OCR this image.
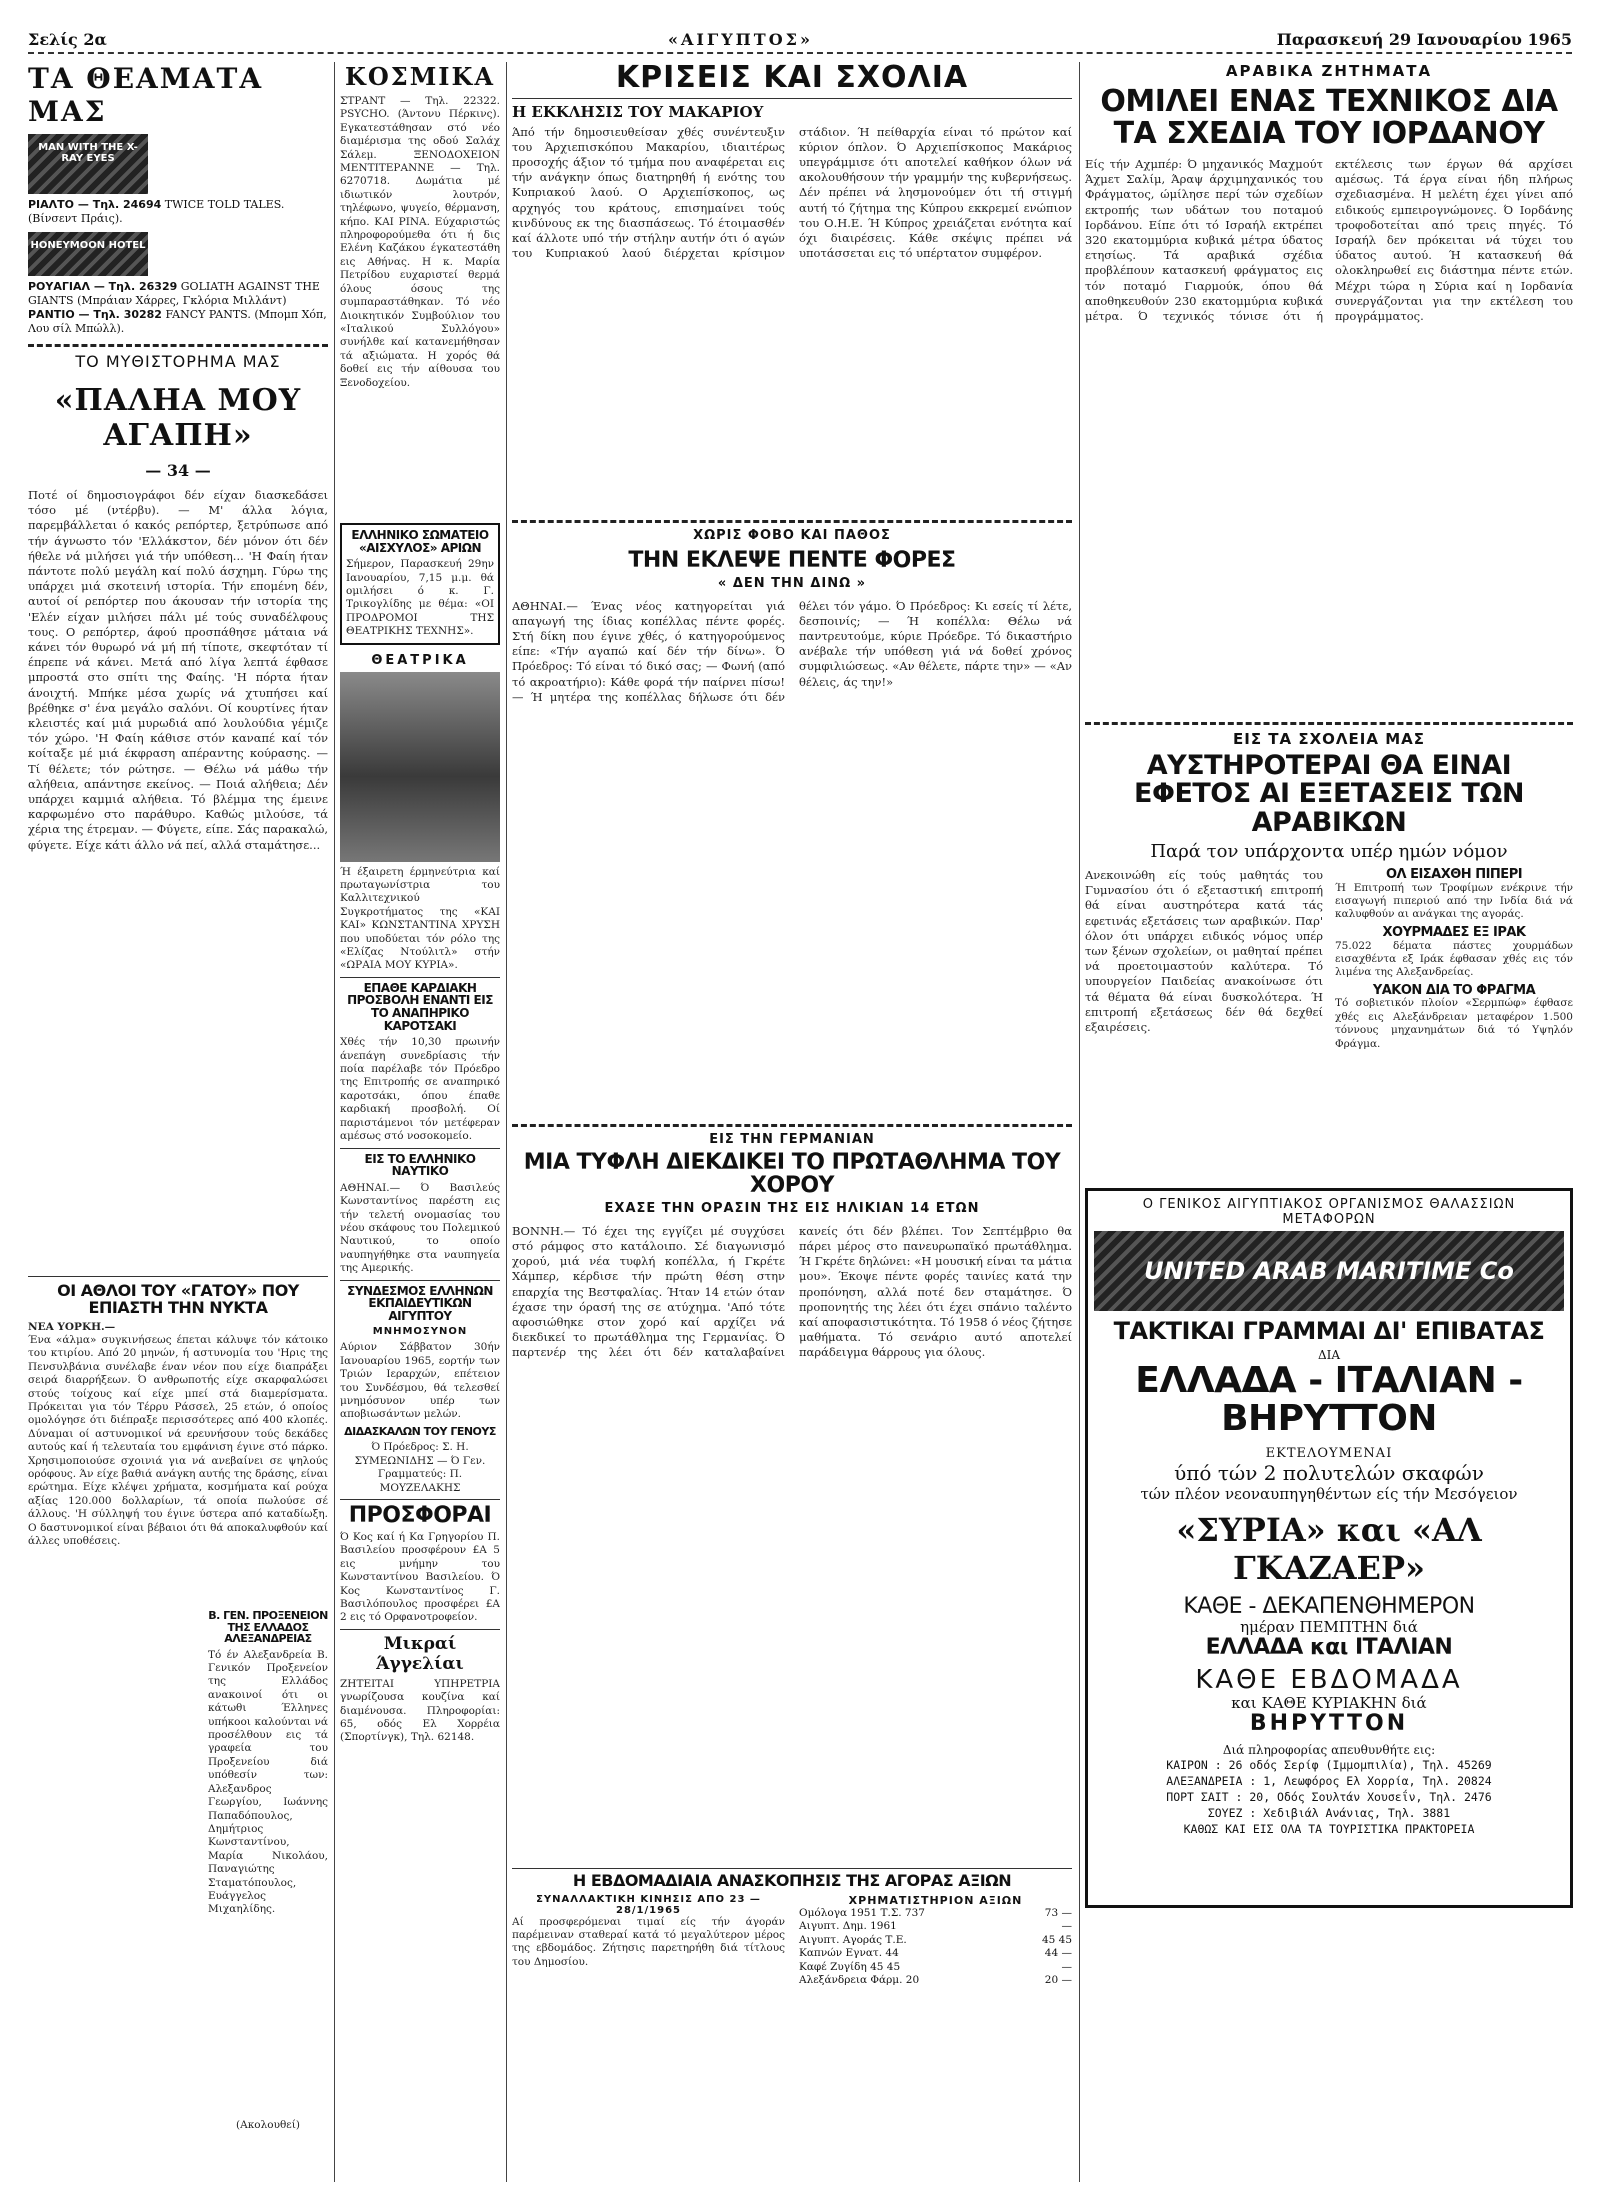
Σελίς 2α	«ΑΙΓΥΠΤΟΣ»	Παρασκευή 29 Ιανουαρίου 1965
ΤΑ ΘΕΑΜΑΤΑ ΜΑΣ
MAN WITH THE X-RAY EYES
ΡΙΑΛΤΟ — Τηλ. 24694 TWICE TOLD TALES. (Βίνσεντ Πράις).
HONEYMOON HOTEL
ΡΟΥΑΓΙΑΛ — Τηλ. 26329 GOLIATH AGAINST THE GIANTS (Μπράιαν Χάρρες, Γκλόρια Μιλλάντ)
ΡΑΝΤΙΟ — Τηλ. 30282 FANCY PANTS. (Μπομπ Χόπ, Λου σίλ Μπώλλ).
ΤΟ ΜΥΘΙΣΤΟΡΗΜΑ ΜΑΣ
«ΠΑΛΗΑ ΜΟΥ ΑΓΑΠΗ»
— 34 —
Ποτέ οί δημοσιογράφοι δέν είχαν διασκεδάσει τόσο μέ (ντέρβυ). — Μ' άλλα λόγια, παρεμβάλλεται ό κακός ρεπόρτερ, ξετρύπωσε από τήν άγνωστο τόν 'Ελλάκστον, δέν μόνον ότι δέν ήθελε νά μιλήσει γιά τήν υπόθεση... 'Η Φαίη ήταν πάντοτε πολύ μεγάλη καί πολύ άσχημη. Γύρω της υπάρχει μιά σκοτεινή ιστορία. Τήν επομένη δέν, αυτοί οί ρεπόρτερ που άκουσαν τήν ιστορία της 'Ελέν είχαν μιλήσει πάλι μέ τούς συναδέλφους τους. Ο ρεπόρτερ, άφού προσπάθησε μάταια νά κάνει τόν θυρωρό νά μή πή τίποτε, σκεφτόταν τί έπρεπε νά κάνει. Μετά από λίγα λεπτά έφθασε μπροστά στο σπίτι της Φαίης. 'Η πόρτα ήταν άνοιχτή. Μπήκε μέσα χωρίς νά χτυπήσει καί βρέθηκε σ' ένα μεγάλο σαλόνι. Οί κουρτίνες ήταν κλειστές καί μιά μυρωδιά από λουλούδια γέμιζε τόν χώρο. 'Η Φαίη κάθισε στόν καναπέ καί τόν κοίταξε μέ μιά έκφραση απέραντης κούρασης. — Τί θέλετε; τόν ρώτησε. — Θέλω νά μάθω τήν αλήθεια, απάντησε εκείνος. — Ποιά αλήθεια; Δέν υπάρχει καμμιά αλήθεια. Τό βλέμμα της έμεινε καρφωμένο στο παράθυρο. Καθώς μιλούσε, τά χέρια της έτρεμαν. — Φύγετε, είπε. Σάς παρακαλώ, φύγετε. Είχε κάτι άλλο νά πεί, αλλά σταμάτησε...
ΟΙ ΑΘΛΟΙ ΤΟΥ «ΓΑΤΟΥ» ΠΟΥ ΕΠΙΑΣΤΗ ΤΗΝ ΝΥΚΤΑ
ΝΕΑ ΥΟΡΚΗ.—
Ένα «άλμα» συγκινήσεως έπεται κάλυψε τόν κάτοικο του κτιρίου. Από 20 μηνών, ή αστυνομία του 'Ηρις της Πενσυλβάνια συνέλαβε έναν νέον που είχε διαπράξει σειρά διαρρήξεων. Ό ανθρωποτής είχε σκαρφαλώσει στούς τοίχους καί είχε μπεί στά διαμερίσματα. Πρόκειται για τόν Τέρρυ Ράσσελ, 25 ετών, ό οποίος ομολόγησε ότι διέπραξε περισσότερες από 400 κλοπές. Δύναμαι οί αστυνομικοί νά ερευνήσουν τούς δεκάδες αυτούς καί ή τελευταία του εμφάνιση έγινε στό πάρκο. Χρησιμοποιούσε σχοινιά για νά ανεβαίνει σε ψηλούς ορόφους. Άν είχε βαθιά ανάγκη αυτής της δράσης, είναι ερώτημα. Είχε κλέψει χρήματα, κοσμήματα καί ρούχα αξίας 120.000 δολλαρίων, τά οποία πωλούσε σέ άλλους. 'Η σύλληψή του έγινε ύστερα από καταδίωξη. Ο δαστυνομικοί είναι βέβαιοι ότι θά αποκαλυφθούν καί άλλες υποθέσεις.
ΚΟΣΜΙΚΑ
ΣΤΡΑΝΤ — Τηλ. 22322. PSYCHO. (Άντονυ Πέρκινς). Εγκατεστάθησαν στό νέο διαμέρισμα της οδού Σαλάχ Σάλεμ. ΞΕΝΟΔΟΧΕΙΟΝ ΜΕΝΤΙΤΕΡΑΝΝΕ — Τηλ. 6270718. Δωμάτια μέ ιδιωτικόν λουτρόν, τηλέφωνο, ψυγείο, θέρμανση, κήπο. ΚΑΙ ΡΙΝΑ. Εύχαριστώς πληροφορούμεθα ότι ή δις Ελένη Καζάκου έγκατεστάθη εις Αθήνας. Η κ. Μαρία Πετρίδου ευχαριστεί θερμά όλους όσους της συμπαραστάθηκαν. Τό νέο Διοικητικόν Συμβούλιον του «Ιταλικού Συλλόγου» συνήλθε καί κατανεμήθησαν τά αξιώματα. Η χορός θά δοθεί εις τήν αίθουσα του Ξενοδοχείου.
ΕΛΛΗΝΙΚΟ ΣΩΜΑΤΕΙΟ «ΑΙΣΧΥΛΟΣ» ΑΡΙΩΝ
Σήμερον, Παρασκευή 29ην Ιανουαρίου, 7,15 μ.μ. θά ομιλήσει ό κ. Γ. Τρικογλίδης με θέμα: «ΟΙ ΠΡΟΔΡΟΜΟΙ ΤΗΣ ΘΕΑΤΡΙΚΗΣ ΤΕΧΝΗΣ».
ΘΕΑΤΡΙΚΑ
Ή έξαιρετη έρμηνεύτρια καί πρωταγωνίστρια του Καλλιτεχνικού Συγκροτήματος της «ΚΑΙ ΚΑΙ» ΚΩΝΣΤΑΝΤΙΝΑ ΧΡΥΣΗ που υποδύεται τόν ρόλο της «Ελίζας Ντούλιτλ» στήν «ΩΡΑΙΑ ΜΟΥ ΚΥΡΙΑ».
ΕΠΑΘΕ ΚΑΡΔΙΑΚΗ ΠΡΟΣΒΟΛΗ ΕΝΑΝΤΙ ΕΙΣ ΤΟ ΑΝΑΠΗΡΙΚΟ ΚΑΡΟΤΣΑΚΙ
Χθές τήν 10,30 πρωινήν άνεπάγη συνεδρίασις τήν ποία παρέλαβε τόν Πρόεδρο της Επιτροπής σε αναπηρικό καροτσάκι, όπου έπαθε καρδιακή προσβολή. Οί παριστάμενοι τόν μετέφεραν αμέσως στό νοσοκομείο.
ΕΙΣ ΤΟ ΕΛΛΗΝΙΚΟ ΝΑΥΤΙΚΟ
ΑΘΗΝΑΙ.— Ό Βασιλεύς Κωνσταντίνος παρέστη εις τήν τελετή ονομασίας του νέου σκάφους του Πολεμικού Ναυτικού, το οποίο ναυπηγήθηκε στα ναυπηγεία της Αμερικής.
ΣΥΝΔΕΣΜΟΣ ΕΛΛΗΝΩΝ ΕΚΠΑΙΔΕΥΤΙΚΩΝ ΑΙΓΥΠΤΟΥ
ΜΝΗΜΟΣΥΝΟΝ
Αύριον Σάββατον 30ήν Ιανουαρίου 1965, εορτήν των Τριών Ιεραρχών, επέτειον του Συνδέσμου, θά τελεσθεί μνημόσυνον υπέρ των αποβιωσάντων μελών.
ΔΙΔΑΣΚΑΛΩΝ ΤΟΥ ΓΕΝΟΥΣ
Ό Πρόεδρος: Σ. Η. ΣΥΜΕΩΝΙΔΗΣ — Ό Γεν. Γραμματεύς: Π. ΜΟΥΖΕΛΑΚΗΣ
ΠΡΟΣΦΟΡΑΙ
Ό Κος καί ή Κα Γρηγορίου Π. Βασιλείου προσφέρουν £Α 5 εις μνήμην του Κωνσταντίνου Βασιλείου. Ό Κος Κωνσταντίνος Γ. Βασιλόπουλος προσφέρει £Α 2 εις τό Ορφανοτροφείον.
Μικραί Άγγελίαι
ΖΗΤΕΙΤΑΙ ΥΠΗΡΕΤΡΙΑ γνωρίζουσα κουζίνα καί διαμένουσα. Πληροφορίαι: 65, οδός Ελ Χορρέια (Σπορτίνγκ), Τηλ. 62148.
Β. ΓΕΝ. ΠΡΟΞΕΝΕΙΟΝ ΤΗΣ ΕΛΛΑΔΟΣ ΑΛΕΞΑΝΔΡΕΙΑΣ
Τό έν Αλεξανδρεία Β. Γενικόν Προξενείον της Ελλάδος ανακοινοί ότι οι κάτωθι Έλληνες υπήκοοι καλούνται νά προσέλθουν εις τά γραφεία του Προξενείου διά υπόθεσίν των: Αλεξανδρος Γεωργίου, Ιωάννης Παπαδόπουλος, Δημήτριος Κωνσταντίνου, Μαρία Νικολάου, Παναγιώτης Σταματόπουλος, Ευάγγελος Μιχαηλίδης.
(Ακολουθεί)
ΚΡΙΣΕΙΣ ΚΑΙ ΣΧΟΛΙΑ
Η ΕΚΚΛΗΣΙΣ ΤΟΥ ΜΑΚΑΡΙΟΥ
Άπό τήν δημοσιευθείσαν χθές συνέντευξιν του Άρχιεπισκόπου Μακαρίου, ιδιαιτέρως προσοχής άξιον τό τμήμα που αναφέρεται εις τήν ανάγκην όπως διατηρηθή ή ενότης του Κυπριακού λαού. Ο Αρχιεπίσκοπος, ως αρχηγός του κράτους, επισημαίνει τούς κινδύνους εκ της διασπάσεως. Τό έτοιμασθέν καί άλλοτε υπό τήν στήλην αυτήν ότι ό αγών του Κυπριακού λαού διέρχεται κρίσιμον στάδιον. Ή πείθαρχία είναι τό πρώτον καί κύριον όπλον. Ό Αρχιεπίσκοπος Μακάριος υπεγράμμισε ότι αποτελεί καθήκον όλων νά ακολουθήσουν τήν γραμμήν της κυβερνήσεως. Δέν πρέπει νά λησμονούμεν ότι τή στιγμή αυτή τό ζήτημα της Κύπρου εκκρεμεί ενώπιον του Ο.Η.Ε. Ή Κύπρος χρειάζεται ενότητα καί όχι διαιρέσεις. Κάθε σκέψις πρέπει νά υποτάσσεται εις τό υπέρτατον συμφέρον.
ΧΩΡΙΣ ΦΟΒΟ ΚΑΙ ΠΑΘΟΣ
ΤΗΝ ΕΚΛΕΨΕ ΠΕΝΤΕ ΦΟΡΕΣ
« ΔΕΝ ΤΗΝ ΔΙΝΩ »
ΑΘΗΝΑΙ.— Ένας νέος κατηγορείται γιά απαγωγή της ίδιας κοπέλλας πέντε φορές. Στή δίκη που έγινε χθές, ό κατηγορούμενος είπε: «Τήν αγαπώ καί δέν τήν δίνω». Ό Πρόεδρος: Τό είναι τό δικό σας; — Φωνή (από τό ακροατήριο): Κάθε φορά τήν παίρνει πίσω! — Ή μητέρα της κοπέλλας δήλωσε ότι δέν θέλει τόν γάμο. Ό Πρόεδρος: Κι εσείς τί λέτε, δεσποινίς; — Ή κοπέλλα: Θέλω νά παντρευτούμε, κύριε Πρόεδρε. Τό δικαστήριο ανέβαλε τήν υπόθεση γιά νά δοθεί χρόνος συμφιλιώσεως. «Αν θέλετε, πάρτε την» — «Αν θέλεις, άς την!»
ΕΙΣ ΤΗΝ ΓΕΡΜΑΝΙΑΝ
ΜΙΑ ΤΥΦΛΗ ΔΙΕΚΔΙΚΕΙ ΤΟ ΠΡΩΤΑΘΛΗΜΑ ΤΟΥ ΧΟΡΟΥ
ΕΧΑΣΕ ΤΗΝ ΟΡΑΣΙΝ ΤΗΣ ΕΙΣ ΗΛΙΚΙΑΝ 14 ΕΤΩΝ
ΒΟΝΝΗ.— Τό έχει της εγγίζει μέ συγχύσει στό ράμφος στο κατάλοιπο. Σέ διαγωνισμό χορού, μιά νέα τυφλή κοπέλλα, ή Γκρέτε Χάμπερ, κέρδισε τήν πρώτη θέση στην επαρχία της Βεστφαλίας. Ήταν 14 ετών όταν έχασε την όρασή της σε ατύχημα. 'Από τότε αφοσιώθηκε στον χορό καί αρχίζει νά διεκδικεί το πρωτάθλημα της Γερμανίας. Ό παρτενέρ της λέει ότι δέν καταλαβαίνει κανείς ότι δέν βλέπει. Τον Σεπτέμβριο θα πάρει μέρος στο πανευρωπαϊκό πρωτάθλημα. Ή Γκρέτε δηλώνει: «Η μουσική είναι τα μάτια μου». Έκοψε πέντε φορές ταινίες κατά την προπόνηση, αλλά ποτέ δεν σταμάτησε. Ό προπονητής της λέει ότι έχει σπάνιο ταλέντο καί αποφασιστικότητα. Τό 1958 ό νέος ζήτησε μαθήματα. Τό σενάριο αυτό αποτελεί παράδειγμα θάρρους για όλους.
Η ΕΒΔΟΜΑΔΙΑΙΑ ΑΝΑΣΚΟΠΗΣΙΣ ΤΗΣ ΑΓΟΡΑΣ ΑΞΙΩΝ
ΣΥΝΑΛΛΑΚΤΙΚΗ ΚΙΝΗΣΙΣ ΑΠΟ 23 — 28/1/1965
Αί προσφερόμεναι τιμαί είς τήν άγοράν παρέμειναν σταθεραί κατά τό μεγαλύτερον μέρος της εβδομάδος. Ζήτησις παρετηρήθη διά τίτλους του Δημοσίου.
ΧΡΗΜΑΤΙΣΤΗΡΙΟΝ ΑΞΙΩΝ
Ομόλογα 1951 Τ.Σ. 737	73 —
Αιγυπτ. Δημ. 1961	—
Αιγυπτ. Αγοράς Τ.Ε.	45 45
Καπνών Εγνατ. 44	44 —
Καφέ Ζυγίδη 45 45	—
Αλεξάνδρεια Φάρμ. 20	20 —
ΑΡΑΒΙΚΑ ΖΗΤΗΜΑΤΑ
ΟΜΙΛΕΙ ΕΝΑΣ ΤΕΧΝΙΚΟΣ ΔΙΑ ΤΑ ΣΧΕΔΙΑ ΤΟΥ ΙΟΡΔΑΝΟΥ
Είς τήν Αχμπέρ: Ό μηχανικός Μαχμούτ Άχμετ Σαλίμ, Άραψ άρχιμηχανικός του Φράγματος, ώμίλησε περί τών σχεδίων εκτροπής των υδάτων του ποταμού Ιορδάνου. Είπε ότι τό Ισραήλ εκτρέπει 320 εκατομμύρια κυβικά μέτρα ύδατος ετησίως. Τά αραβικά σχέδια προβλέπουν κατασκευή φράγματος εις τόν ποταμό Γιαρμούκ, όπου θά αποθηκευθούν 230 εκατομμύρια κυβικά μέτρα. Ό τεχνικός τόνισε ότι ή εκτέλεσις των έργων θά αρχίσει αμέσως. Τά έργα είναι ήδη πλήρως σχεδιασμένα. Η μελέτη έχει γίνει από ειδικούς εμπειρογνώμονες. Ό Ιορδάνης τροφοδοτείται από τρεις πηγές. Τό Ισραήλ δεν πρόκειται νά τύχει του ύδατος αυτού. Ή κατασκευή θά ολοκληρωθεί εις διάστημα πέντε ετών. Μέχρι τώρα η Σύρια καί η Ιορδανία συνεργάζονται για την εκτέλεση του προγράμματος.
ΕΙΣ ΤΑ ΣΧΟΛΕΙΑ ΜΑΣ
ΑΥΣΤΗΡΟΤΕΡΑΙ ΘΑ ΕΙΝΑΙ ΕΦΕΤΟΣ ΑΙ ΕΞΕΤΑΣΕΙΣ ΤΩΝ ΑΡΑΒΙΚΩΝ
Παρά τον υπάρχοντα υπέρ ημών νόμον
Ανεκοινώθη είς τούς μαθητάς του Γυμνασίου ότι ό εξεταστική επιτροπή θά είναι αυστηρότερα κατά τάς εφετινάς εξετάσεις των αραβικών. Παρ' όλον ότι υπάρχει ειδικός νόμος υπέρ των ξένων σχολείων, οι μαθηταί πρέπει νά προετοιμαστούν καλύτερα. Τό υπουργείον Παιδείας ανακοίνωσε ότι τά θέματα θά είναι δυσκολότερα. Ή επιτροπή εξετάσεως δέν θά δεχθεί εξαιρέσεις.
ΟΛ ΕΙΣΑΧΘΗ ΠΙΠΕΡΙ
Ή Επιτροπή των Τροφίμων ενέκρινε τήν εισαγωγή πιπεριού από την Ινδία διά νά καλυφθούν αι ανάγκαι της αγοράς.
ΧΟΥΡΜΑΔΕΣ ΕΞ ΙΡΑΚ
75.022 δέματα πάστες χουρμάδων εισαχθέντα εξ Ιράκ έφθασαν χθές εις τόν λιμένα της Αλεξανδρείας.
ΥΑΚΟΝ ΔΙΑ ΤΟ ΦΡΑΓΜΑ
Τό σοβιετικόν πλοίον «Σερμπώφ» έφθασε χθές εις Αλεξάνδρειαν μεταφέρον 1.500 τόννους μηχανημάτων διά τό Υψηλόν Φράγμα.
Ο ΓΕΝΙΚΟΣ ΑΙΓΥΠΤΙΑΚΟΣ ΟΡΓΑΝΙΣΜΟΣ ΘΑΛΑΣΣΙΩΝ ΜΕΤΑΦΟΡΩΝ
UNITED ARAB MARITIME Co
ΤΑΚΤΙΚΑΙ ΓΡΑΜΜΑΙ ΔΙ' ΕΠΙΒΑΤΑΣ
ΔΙΑ
ΕΛΛΑΔΑ - ΙΤΑΛΙΑΝ - ΒΗΡΥΤΤΟΝ
ΕΚΤΕΛΟΥΜΕΝΑΙ
ύπό τών 2 πολυτελών σκαφών
τών πλέον νεοναυπηγηθέντων είς τήν Μεσόγειον
«ΣΥΡΙΑ» και «ΑΛ ΓΚΑΖΑΕΡ»
ΚΑΘΕ - ΔΕΚΑΠΕΝΘΗΜΕΡΟΝ
ημέραν ΠΕΜΠΤΗΝ διά
ΕΛΛΑΔΑ και ΙΤΑΛΙΑΝ
ΚΑΘΕ ΕΒΔΟΜΑΔΑ
και ΚΑΘΕ ΚΥΡΙΑΚΗΝ διά
ΒΗΡΥΤΤΟΝ
Διά πληροφορίας απευθυνθήτε εις:
ΚΑΙΡΟΝ : 26 οδός Σερίφ (Ιμμομπιλία), Τηλ. 45269
ΑΛΕΞΑΝΔΡΕΙΑ : 1, Λεωφόρος Ελ Χορρία, Τηλ. 20824
ΠΟΡΤ ΣΑΙΤ : 20, Οδός Σουλτάν Χουσεΐν, Τηλ. 2476
ΣΟΥΕΖ : Χεδιβιάλ Ανάνιας, Τηλ. 3881
ΚΑΘΩΣ ΚΑΙ ΕΙΣ ΟΛΑ ΤΑ ΤΟΥΡΙΣΤΙΚΑ ΠΡΑΚΤΟΡΕΙΑ
